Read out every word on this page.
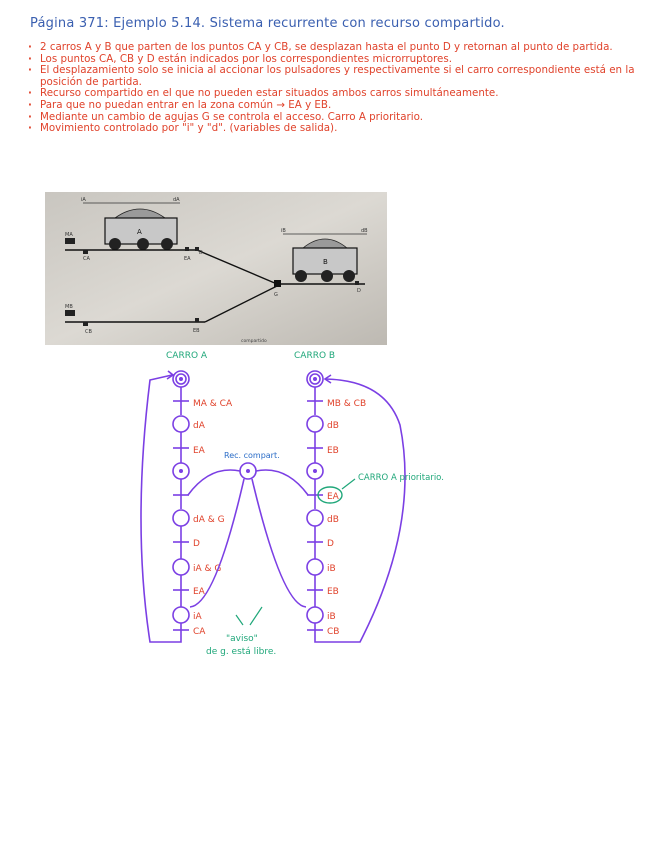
Página 371: Ejemplo 5.14. Sistema recurrente con recurso compartido.
· 2 carros A y B que parten de los puntos CA y CB, se desplazan hasta el punto D y retornan al punto de partida.
· Los puntos CA, CB y D están indicados por los correspondientes microrruptores.
· El desplazamiento solo se inicia al accionar los pulsadores y respectivamente si el carro correspondiente está en la posición de partida.
· Recurso compartido en el que no pueden estar situados ambos carros simultáneamente.
· Para que no puedan entrar en la zona común → EA y EB.
· Mediante un cambio de agujas G se controla el acceso. Carro A prioritario.
· Movimiento controlado por "i" y "d". (variables de salida).
iA	dA
A
MA
CA	EA
D
B
iB	dB
G
D
MB
CB	EB
compartido
CARRO A	CARRO B
MA & CA
dA
EA
dA & G
D
iA & G
EA
iA
CA
MB & CB
dB
EB
EA
dB
D
iB
EB
iB
CB
Rec. compart.
CARRO A prioritario.
"aviso"
de g. está libre.
